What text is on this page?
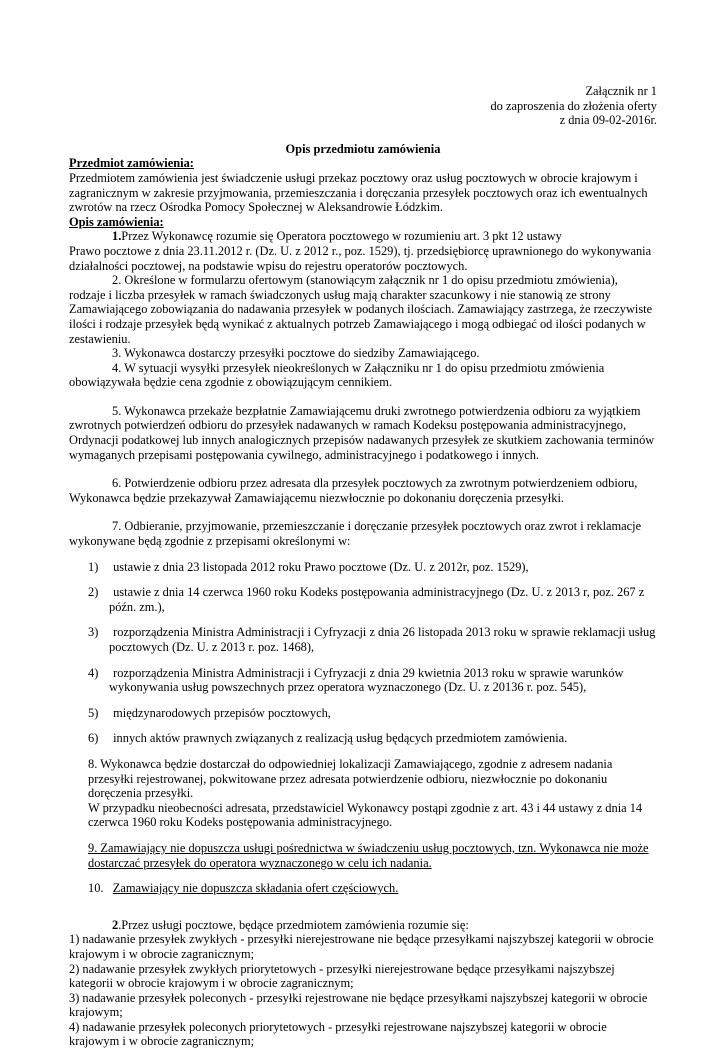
Załącznik nr 1
do zaproszenia do złożenia oferty
z dnia 09-02-2016r.
Opis przedmiotu zamówienia
Przedmiot zamówienia:

Przedmiotem zamówienia jest świadczenie usługi przekaz pocztowy oraz usług pocztowych w obrocie krajowym i zagranicznym w zakresie przyjmowania, przemieszczania i doręczania przesyłek pocztowych oraz ich ewentualnych zwrotów na rzecz Ośrodka Pomocy Społecznej w Aleksandrowie Łódzkim.

Opis zamówienia:

1.Przez Wykonawcę rozumie się Operatora pocztowego w rozumieniu art. 3 pkt 12 ustawy

Prawo pocztowe z dnia 23.11.2012 r. (Dz. U. z 2012 r., poz. 1529), tj. przedsiębiorcę uprawnionego do wykonywania działalności pocztowej, na podstawie wpisu do rejestru operatorów pocztowych.

2. Określone w formularzu ofertowym (stanowiącym załącznik nr 1 do opisu przedmiotu zmówienia), rodzaje i liczba przesyłek w ramach świadczonych usług mają charakter szacunkowy i nie stanowią ze strony Zamawiającego zobowiązania do nadawania przesyłek w podanych ilościach. Zamawiający zastrzega, że rzeczywiste ilości i rodzaje przesyłek będą wynikać z aktualnych potrzeb Zamawiającego i mogą odbiegać od ilości podanych w zestawieniu.

3. Wykonawca dostarczy przesyłki pocztowe do siedziby Zamawiającego.

4. W sytuacji wysyłki przesyłek nieokreślonych w Załączniku nr 1 do opisu przedmiotu zmówienia obowiązywała będzie cena zgodnie z obowiązującym cennikiem.

5. Wykonawca przekaże bezpłatnie Zamawiającemu druki zwrotnego potwierdzenia odbioru za wyjątkiem zwrotnych potwierdzeń odbioru do przesyłek nadawanych w ramach Kodeksu postępowania administracyjnego, Ordynacji podatkowej lub innych analogicznych przepisów nadawanych przesyłek ze skutkiem zachowania terminów wymaganych przepisami postępowania cywilnego, administracyjnego i podatkowego i innych.

6. Potwierdzenie odbioru przez adresata dla przesyłek pocztowych za zwrotnym potwierdzeniem odbioru, Wykonawca będzie przekazywał Zamawiającemu niezwłocznie po dokonaniu doręczenia przesyłki.

7. Odbieranie, przyjmowanie, przemieszczanie i doręczanie przesyłek pocztowych oraz zwrot i reklamacje wykonywane będą zgodnie z przepisami określonymi w:

1) ustawie z dnia 23 listopada 2012 roku Prawo pocztowe (Dz. U. z 2012r, poz. 1529),

2) ustawie z dnia 14 czerwca 1960 roku Kodeks postępowania administracyjnego (Dz. U. z 2013 r, poz. 267 z późn. zm.),

3) rozporządzenia Ministra Administracji i Cyfryzacji z dnia 26 listopada 2013 roku w sprawie reklamacji usług pocztowych (Dz. U. z 2013 r. poz. 1468),

4) rozporządzenia Ministra Administracji i Cyfryzacji z dnia 29 kwietnia 2013 roku w sprawie warunków wykonywania usług powszechnych przez operatora wyznaczonego (Dz. U. z 20136 r. poz. 545),

5) międzynarodowych przepisów pocztowych,

6) innych aktów prawnych związanych z realizacją usług będących przedmiotem zamówienia.

8. Wykonawca będzie dostarczał do odpowiedniej lokalizacji Zamawiającego, zgodnie z adresem nadania przesyłki rejestrowanej, pokwitowane przez adresata potwierdzenie odbioru, niezwłocznie po dokonaniu doręczenia przesyłki.

W przypadku nieobecności adresata, przedstawiciel Wykonawcy postąpi zgodnie z art. 43 i 44 ustawy z dnia 14 czerwca 1960 roku Kodeks postępowania administracyjnego.

9. Zamawiający nie dopuszcza usługi pośrednictwa w świadczeniu usług pocztowych, tzn. Wykonawca nie może dostarczać przesyłek do operatora wyznaczonego w celu ich nadania.

10. Zamawiający nie dopuszcza składania ofert częściowych.

2.Przez usługi pocztowe, będące przedmiotem zamówienia rozumie się:

1) nadawanie przesyłek zwykłych - przesyłki nierejestrowane nie będące przesyłkami najszybszej kategorii w obrocie krajowym i w obrocie zagranicznym;

2) nadawanie przesyłek zwykłych priorytetowych - przesyłki nierejestrowane będące przesyłkami najszybszej kategorii w obrocie krajowym i w obrocie zagranicznym;

3) nadawanie przesyłek poleconych - przesyłki rejestrowane nie będące przesyłkami najszybszej kategorii w obrocie krajowym;

4) nadawanie przesyłek poleconych priorytetowych - przesyłki rejestrowane najszybszej kategorii w obrocie krajowym i w obrocie zagranicznym;
